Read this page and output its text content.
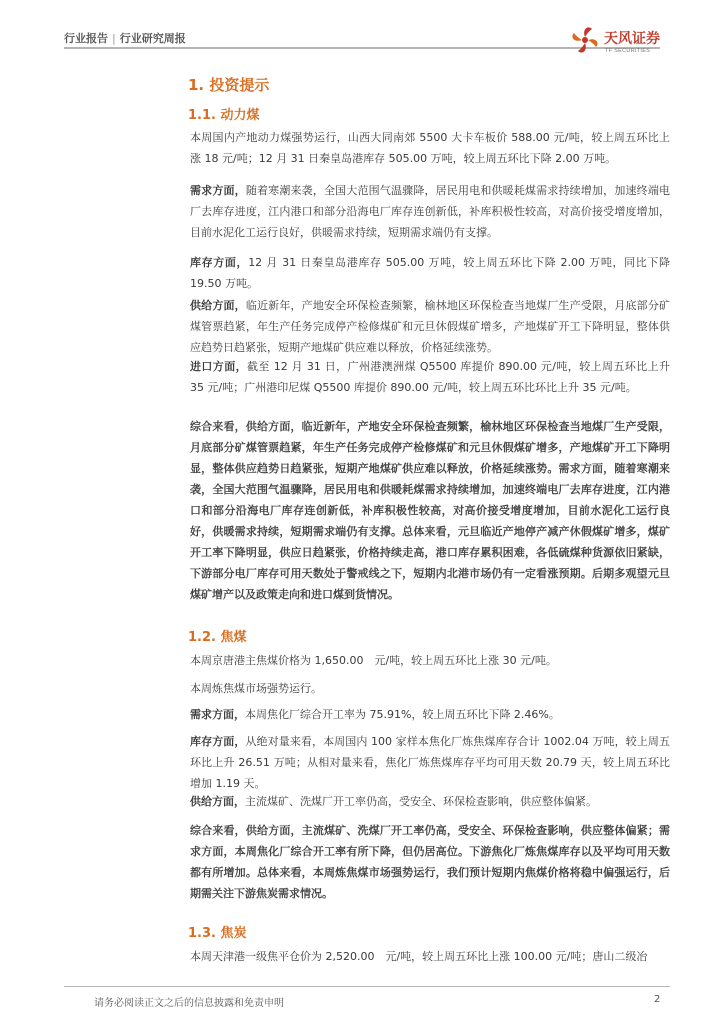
行业报告 | 行业研究周报	天风证券
TF SECURITIES
1. 投资提示
1.1. 动力煤

本周国内产地动力煤强势运行，山西大同南郊 5500 大卡车板价 588.00 元/吨，较上周五环比上涨 18 元/吨；12 月 31 日秦皇岛港库存 505.00 万吨，较上周五环比下降 2.00 万吨。

需求方面，随着寒潮来袭，全国大范围气温骤降，居民用电和供暖耗煤需求持续增加，加速终端电厂去库存进度，江内港口和部分沿海电厂库存连创新低，补库积极性较高，对高价接受增度增加，目前水泥化工运行良好，供暖需求持续，短期需求端仍有支撑。

库存方面，12 月 31 日秦皇岛港库存 505.00 万吨，较上周五环比下降 2.00 万吨，同比下降 19.50 万吨。

供给方面，临近新年，产地安全环保检查频繁，榆林地区环保检查当地煤厂生产受限，月底部分矿煤管票趋紧，年生产任务完成停产检修煤矿和元旦休假煤矿增多，产地煤矿开工下降明显，整体供应趋势日趋紧张，短期产地煤矿供应难以释放，价格延续涨势。

进口方面，截至 12 月 31 日，广州港澳洲煤 Q5500 库提价 890.00 元/吨，较上周五环比上升 35 元/吨；广州港印尼煤 Q5500 库提价 890.00 元/吨，较上周五环比环比上升 35 元/吨。

综合来看，供给方面，临近新年，产地安全环保检查频繁，榆林地区环保检查当地煤厂生产受限，月底部分矿煤管票趋紧，年生产任务完成停产检修煤矿和元旦休假煤矿增多，产地煤矿开工下降明显，整体供应趋势日趋紧张，短期产地煤矿供应难以释放，价格延续涨势。需求方面，随着寒潮来袭，全国大范围气温骤降，居民用电和供暖耗煤需求持续增加，加速终端电厂去库存进度，江内港口和部分沿海电厂库存连创新低，补库积极性较高，对高价接受增度增加，目前水泥化工运行良好，供暖需求持续，短期需求端仍有支撑。总体来看，元旦临近产地停产减产休假煤矿增多，煤矿开工率下降明显，供应日趋紧张，价格持续走高，港口库存累积困难，各低硫煤种货源依旧紧缺，下游部分电厂库存可用天数处于警戒线之下，短期内北港市场仍有一定看涨预期。后期多观望元旦煤矿增产以及政策走向和进口煤到货情况。

1.2. 焦煤

本周京唐港主焦煤价格为 1,650.00　元/吨，较上周五环比上涨 30 元/吨。

本周炼焦煤市场强势运行。

需求方面，本周焦化厂综合开工率为 75.91%，较上周五环比下降 2.46%。

库存方面，从绝对量来看，本周国内 100 家样本焦化厂炼焦煤库存合计 1002.04 万吨，较上周五环比上升 26.51 万吨；从相对量来看，焦化厂炼焦煤库存平均可用天数 20.79 天，较上周五环比增加 1.19 天。

供给方面，主流煤矿、洗煤厂开工率仍高，受安全、环保检查影响，供应整体偏紧。

综合来看，供给方面，主流煤矿、洗煤厂开工率仍高，受安全、环保检查影响，供应整体偏紧；需求方面，本周焦化厂综合开工率有所下降，但仍居高位。下游焦化厂炼焦煤库存以及平均可用天数都有所增加。总体来看，本周炼焦煤市场强势运行，我们预计短期内焦煤价格将稳中偏强运行，后期需关注下游焦炭需求情况。

1.3. 焦炭

本周天津港一级焦平仓价为 2,520.00　元/吨，较上周五环比上涨 100.00 元/吨；唐山二级冶

请务必阅读正文之后的信息披露和免责申明	2
